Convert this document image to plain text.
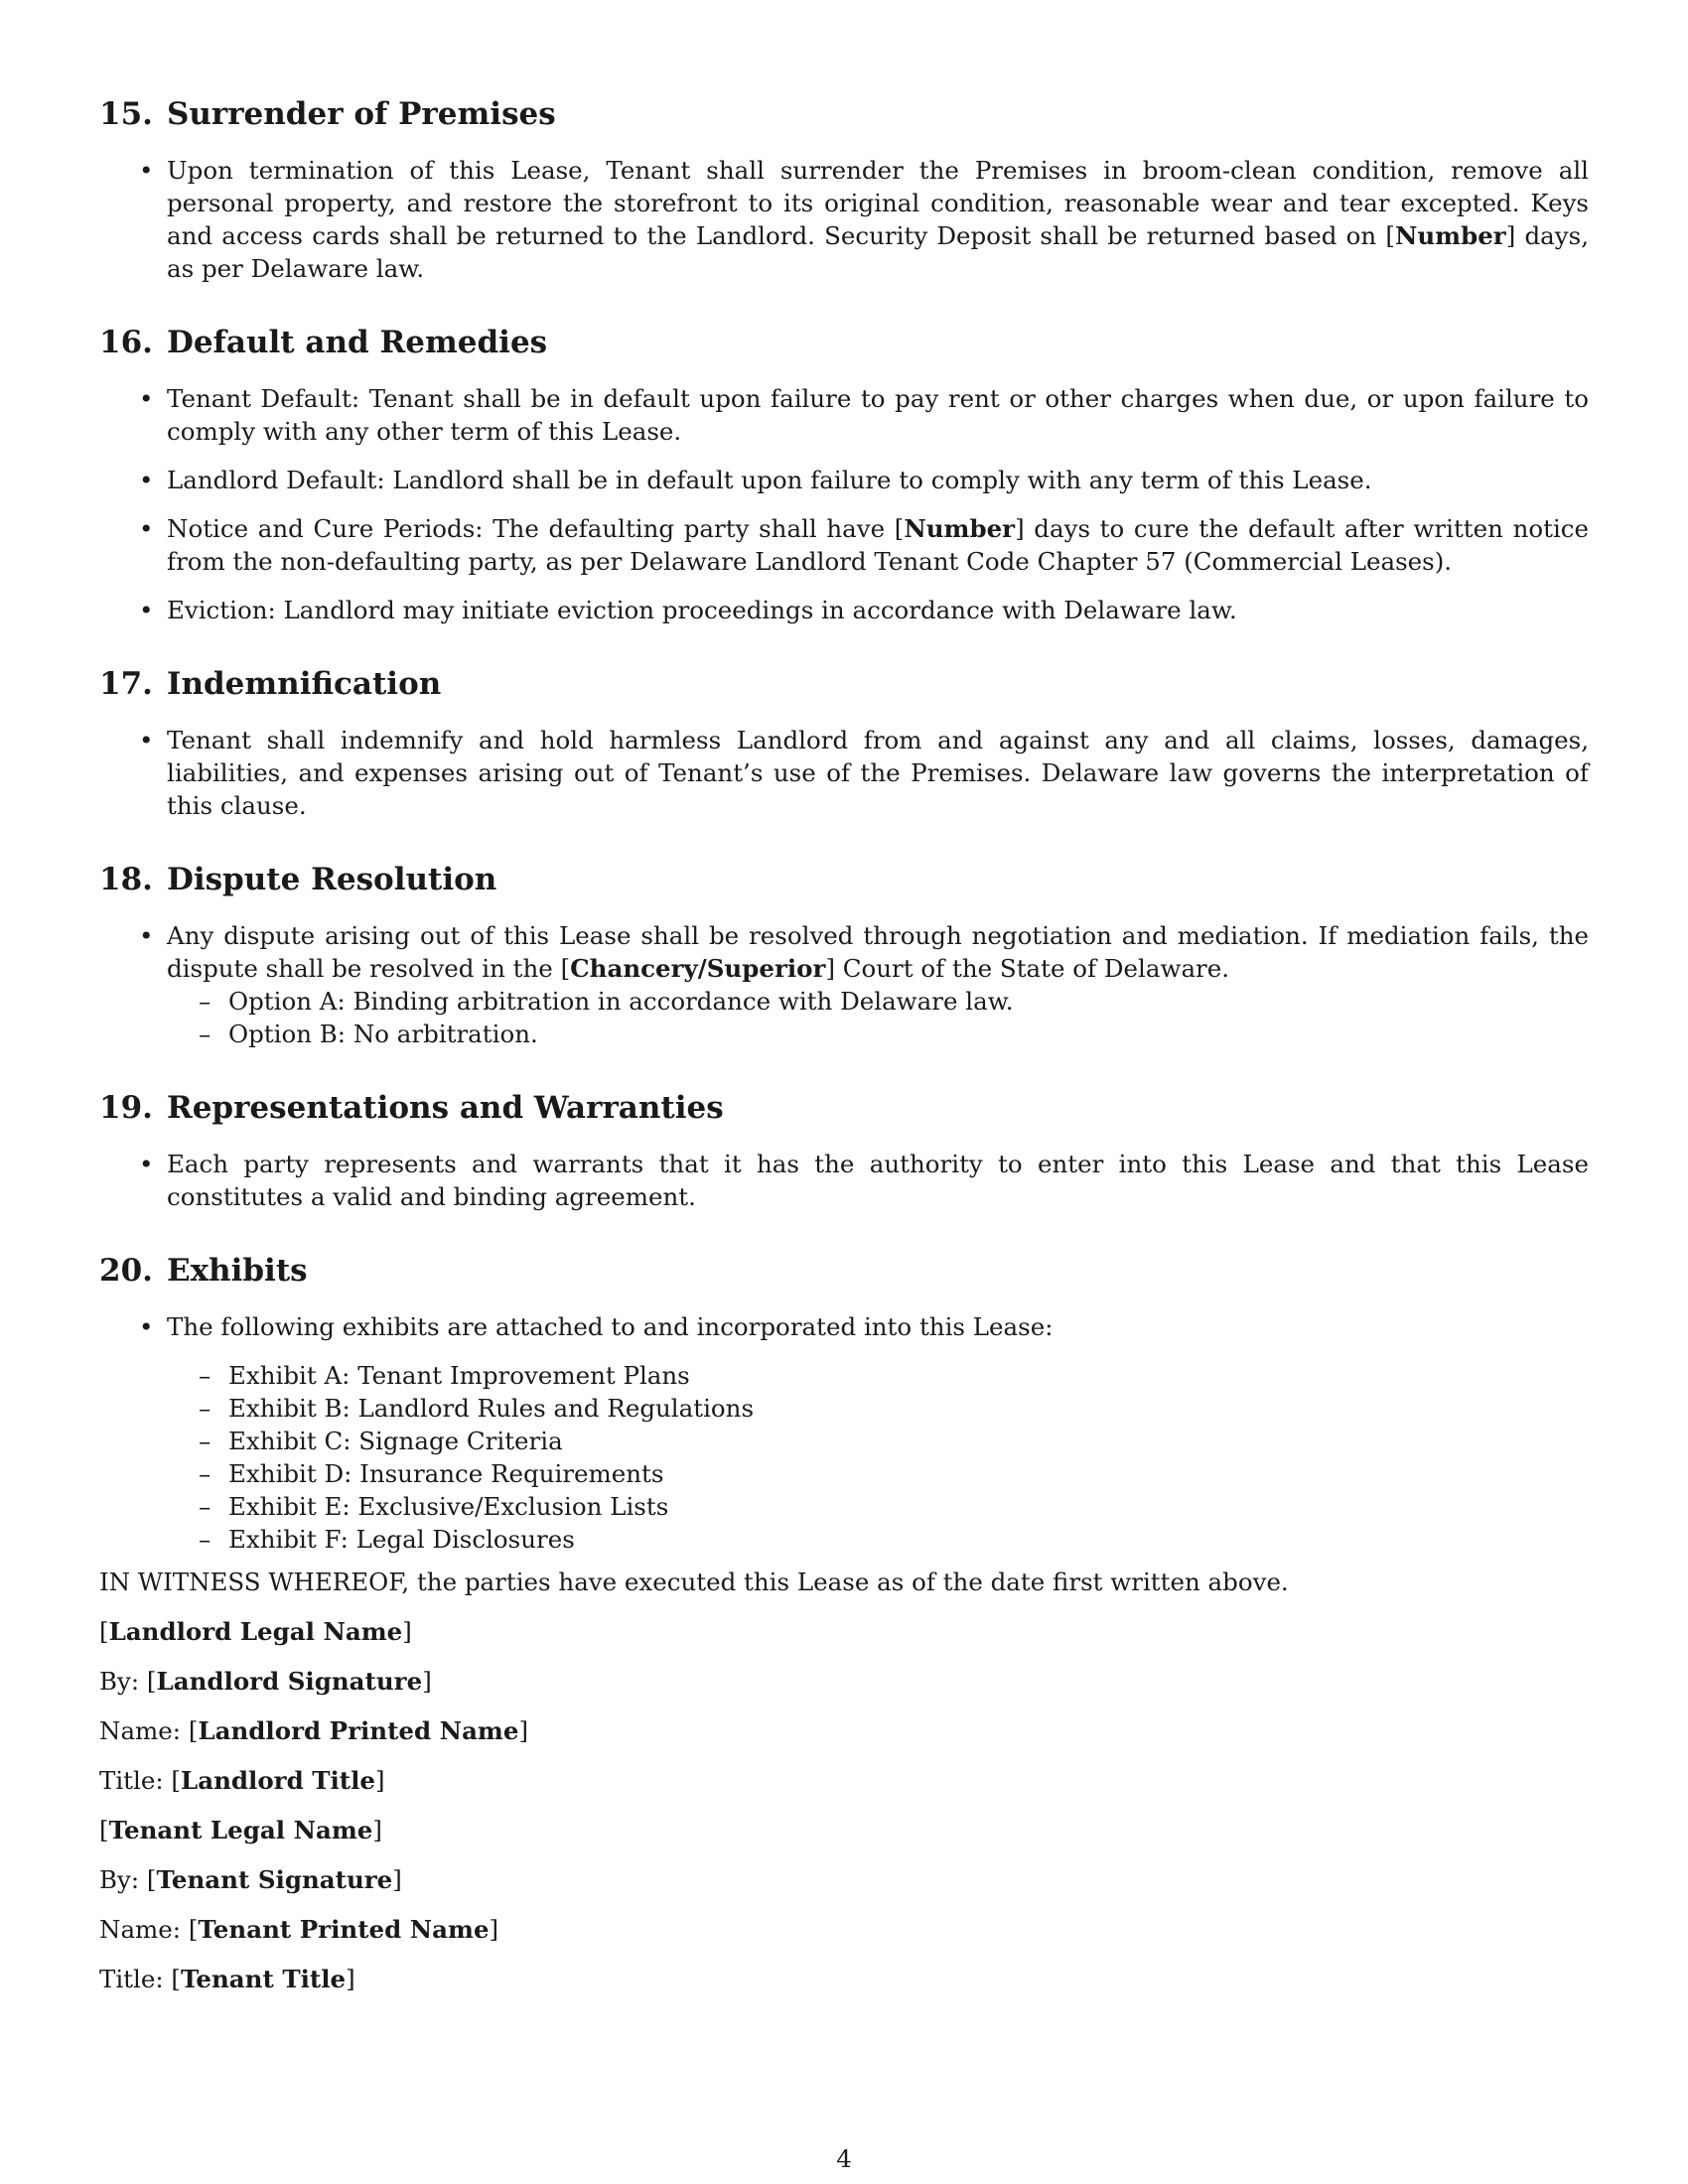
15. Surrender of Premises
• Upon termination of this Lease, Tenant shall surrender the Premises in broom-clean condition, remove all personal property, and restore the storefront to its original condition, reasonable wear and tear excepted. Keys and access cards shall be returned to the Landlord. Security Deposit shall be returned based on [Number] days, as per Delaware law.
16. Default and Remedies
• Tenant Default: Tenant shall be in default upon failure to pay rent or other charges when due, or upon failure to comply with any other term of this Lease.
• Landlord Default: Landlord shall be in default upon failure to comply with any term of this Lease.
• Notice and Cure Periods: The defaulting party shall have [Number] days to cure the default after written notice from the non-defaulting party, as per Delaware Landlord Tenant Code Chapter 57 (Commercial Leases).
• Eviction: Landlord may initiate eviction proceedings in accordance with Delaware law.
17. Indemnification
• Tenant shall indemnify and hold harmless Landlord from and against any and all claims, losses, damages, liabilities, and expenses arising out of Tenant’s use of the Premises. Delaware law governs the interpretation of this clause.
18. Dispute Resolution
• Any dispute arising out of this Lease shall be resolved through negotiation and mediation. If mediation fails, the dispute shall be resolved in the [Chancery/Superior] Court of the State of Delaware.
– Option A: Binding arbitration in accordance with Delaware law.
– Option B: No arbitration.
19. Representations and Warranties
• Each party represents and warrants that it has the authority to enter into this Lease and that this Lease constitutes a valid and binding agreement.
20. Exhibits
• The following exhibits are attached to and incorporated into this Lease:
– Exhibit A: Tenant Improvement Plans
– Exhibit B: Landlord Rules and Regulations
– Exhibit C: Signage Criteria
– Exhibit D: Insurance Requirements
– Exhibit E: Exclusive/Exclusion Lists
– Exhibit F: Legal Disclosures

IN WITNESS WHEREOF, the parties have executed this Lease as of the date first written above.

[Landlord Legal Name]

By: [Landlord Signature]

Name: [Landlord Printed Name]

Title: [Landlord Title]

[Tenant Legal Name]

By: [Tenant Signature]

Name: [Tenant Printed Name]

Title: [Tenant Title]

4
